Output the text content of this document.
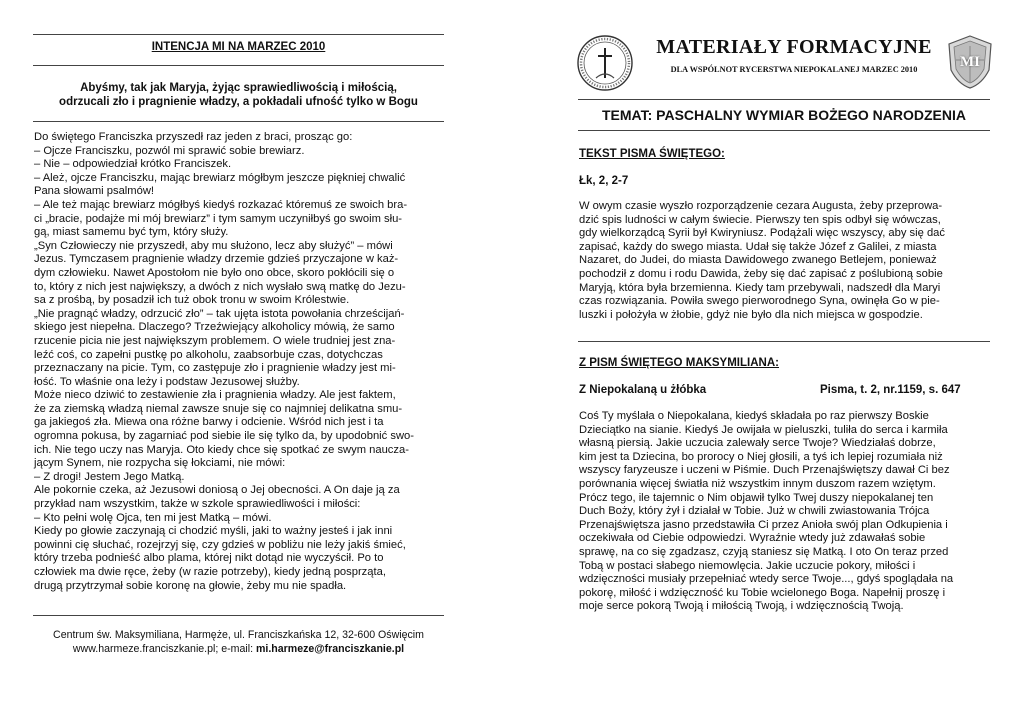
INTENCJA MI NA MARZEC 2010
Abyśmy, tak jak Maryja, żyjąc sprawiedliwością i miłością,
odrzucali zło i pragnienie władzy, a pokładali ufność tylko w Bogu
Do świętego Franciszka przyszedł raz jeden z braci, prosząc go:
– Ojcze Franciszku, pozwól mi sprawić sobie brewiarz.
– Nie – odpowiedział krótko Franciszek.
– Ależ, ojcze Franciszku, mając brewiarz mógłbym jeszcze piękniej chwalić
Pana słowami psalmów!
– Ale też mając brewiarz mógłbyś kiedyś rozkazać któremuś ze swoich bra-
ci „bracie, podajże mi mój brewiarz” i tym samym uczyniłbyś go swoim słu-
gą, miast samemu być tym, który służy.
„Syn Człowieczy nie przyszedł, aby mu służono, lecz aby służyć” – mówi
Jezus. Tymczasem pragnienie władzy drzemie gdzieś przyczajone w każ-
dym człowieku. Nawet Apostołom nie było ono obce, skoro pokłócili się o
to, który z nich jest największy, a dwóch z nich wysłało swą matkę do Jezu-
sa z prośbą, by posadził ich tuż obok tronu w swoim Królestwie.
„Nie pragnąć władzy, odrzucić zło” – tak ujęta istota powołania chrześcijań-
skiego jest niepełna. Dlaczego? Trzeźwiejący alkoholicy mówią, że samo
rzucenie picia nie jest największym problemem. O wiele trudniej jest zna-
leźć coś, co zapełni pustkę po alkoholu, zaabsorbuje czas, dotychczas
przeznaczany na picie. Tym, co zastępuje zło i pragnienie władzy jest mi-
łość. To właśnie ona leży i podstaw Jezusowej służby.
Może nieco dziwić to zestawienie zła i pragnienia władzy. Ale jest faktem,
że za ziemską władzą niemal zawsze snuje się co najmniej delikatna smu-
ga jakiegoś zła. Miewa ona różne barwy i odcienie. Wśród nich jest i ta
ogromna pokusa, by zagarniać pod siebie ile się tylko da, by upodobnić swo-
ich. Nie tego uczy nas Maryja. Oto kiedy chce się spotkać ze swym naucza-
jącym Synem, nie rozpycha się łokciami, nie mówi:
– Z drogi! Jestem Jego Matką.
Ale pokornie czeka, aż Jezusowi doniosą o Jej obecności. A On daje ją za
przykład nam wszystkim, także w szkole sprawiedliwości i miłości:
– Kto pełni wolę Ojca, ten mi jest Matką – mówi.
Kiedy po głowie zaczynają ci chodzić myśli, jaki to ważny jesteś i jak inni
powinni cię słuchać, rozejrzyj się, czy gdzieś w pobliżu nie leży jakiś śmieć,
który trzeba podnieść albo plama, której nikt dotąd nie wyczyścił. Po to
człowiek ma dwie ręce, żeby (w razie potrzeby), kiedy jedną posprząta,
drugą przytrzymał sobie koronę na głowie, żeby mu nie spadła.
Centrum św. Maksymiliana, Harmęże, ul. Franciszkańska 12, 32-600 Oświęcim
www.harmeze.franciszkanie.pl; e-mail: mi.harmeze@franciszkanie.pl
MI
MATERIAŁY FORMACYJNE
DLA WSPÓLNOT RYCERSTWA NIEPOKALANEJ MARZEC 2010
TEMAT: PASCHALNY WYMIAR BOŻEGO NARODZENIA
TEKST PISMA ŚWIĘTEGO:
Łk, 2, 2-7
W owym czasie wyszło rozporządzenie cezara Augusta, żeby przeprowa-
dzić spis ludności w całym świecie. Pierwszy ten spis odbył się wówczas,
gdy wielkorządcą Syrii był Kwiryniusz. Podążali więc wszyscy, aby się dać
zapisać, każdy do swego miasta. Udał się także Józef z Galilei, z miasta
Nazaret, do Judei, do miasta Dawidowego zwanego Betlejem, ponieważ
pochodził z domu i rodu Dawida, żeby się dać zapisać z poślubioną sobie
Maryją, która była brzemienna. Kiedy tam przebywali, nadszedł dla Maryi
czas rozwiązania. Powiła swego pierworodnego Syna, owinęła Go w pie-
luszki i położyła w żłobie, gdyż nie było dla nich miejsca w gospodzie.
Z PISM ŚWIĘTEGO MAKSYMILIANA:
Z Niepokalaną u żłóbka	Pisma, t. 2, nr.1159, s. 647
Coś Ty myślała o Niepokalana, kiedyś składała po raz pierwszy Boskie
Dzieciątko na sianie. Kiedyś Je owijała w pieluszki, tuliła do serca i karmiła
własną piersią. Jakie uczucia zalewały serce Twoje? Wiedziałaś dobrze,
kim jest ta Dziecina, bo proroсy o Niej głosili, a tyś ich lepiej rozumiała niż
wszyscy faryzeusze i uczeni w Piśmie. Duch Przenajświętszy dawał Ci bez
porównania więcej światła niż wszystkim innym duszom razem wziętym.
Prócz tego, ile tajemnic o Nim objawił tylko Twej duszy niepokalanej ten
Duch Boży, który żył i działał w Tobie. Już w chwili zwiastowania Trójca
Przenajświętsza jasno przedstawiła Ci przez Anioła swój plan Odkupienia i
oczekiwała od Ciebie odpowiedzi. Wyraźnie wtedy już zdawałaś sobie
sprawę, na co się zgadzasz, czyją staniesz się Matką. I oto On teraz przed
Tobą w postaci słabego niemowlęcia. Jakie uczucie pokory, miłości i
wdzięczności musiały przepełniać wtedy serce Twoje..., gdyś spoglądała na
pokorę, miłość i wdzięczność ku Tobie wcielonego Boga. Napełnij proszę i
moje serce pokorą Twoją i miłością Twoją, i wdzięcznością Twoją.
